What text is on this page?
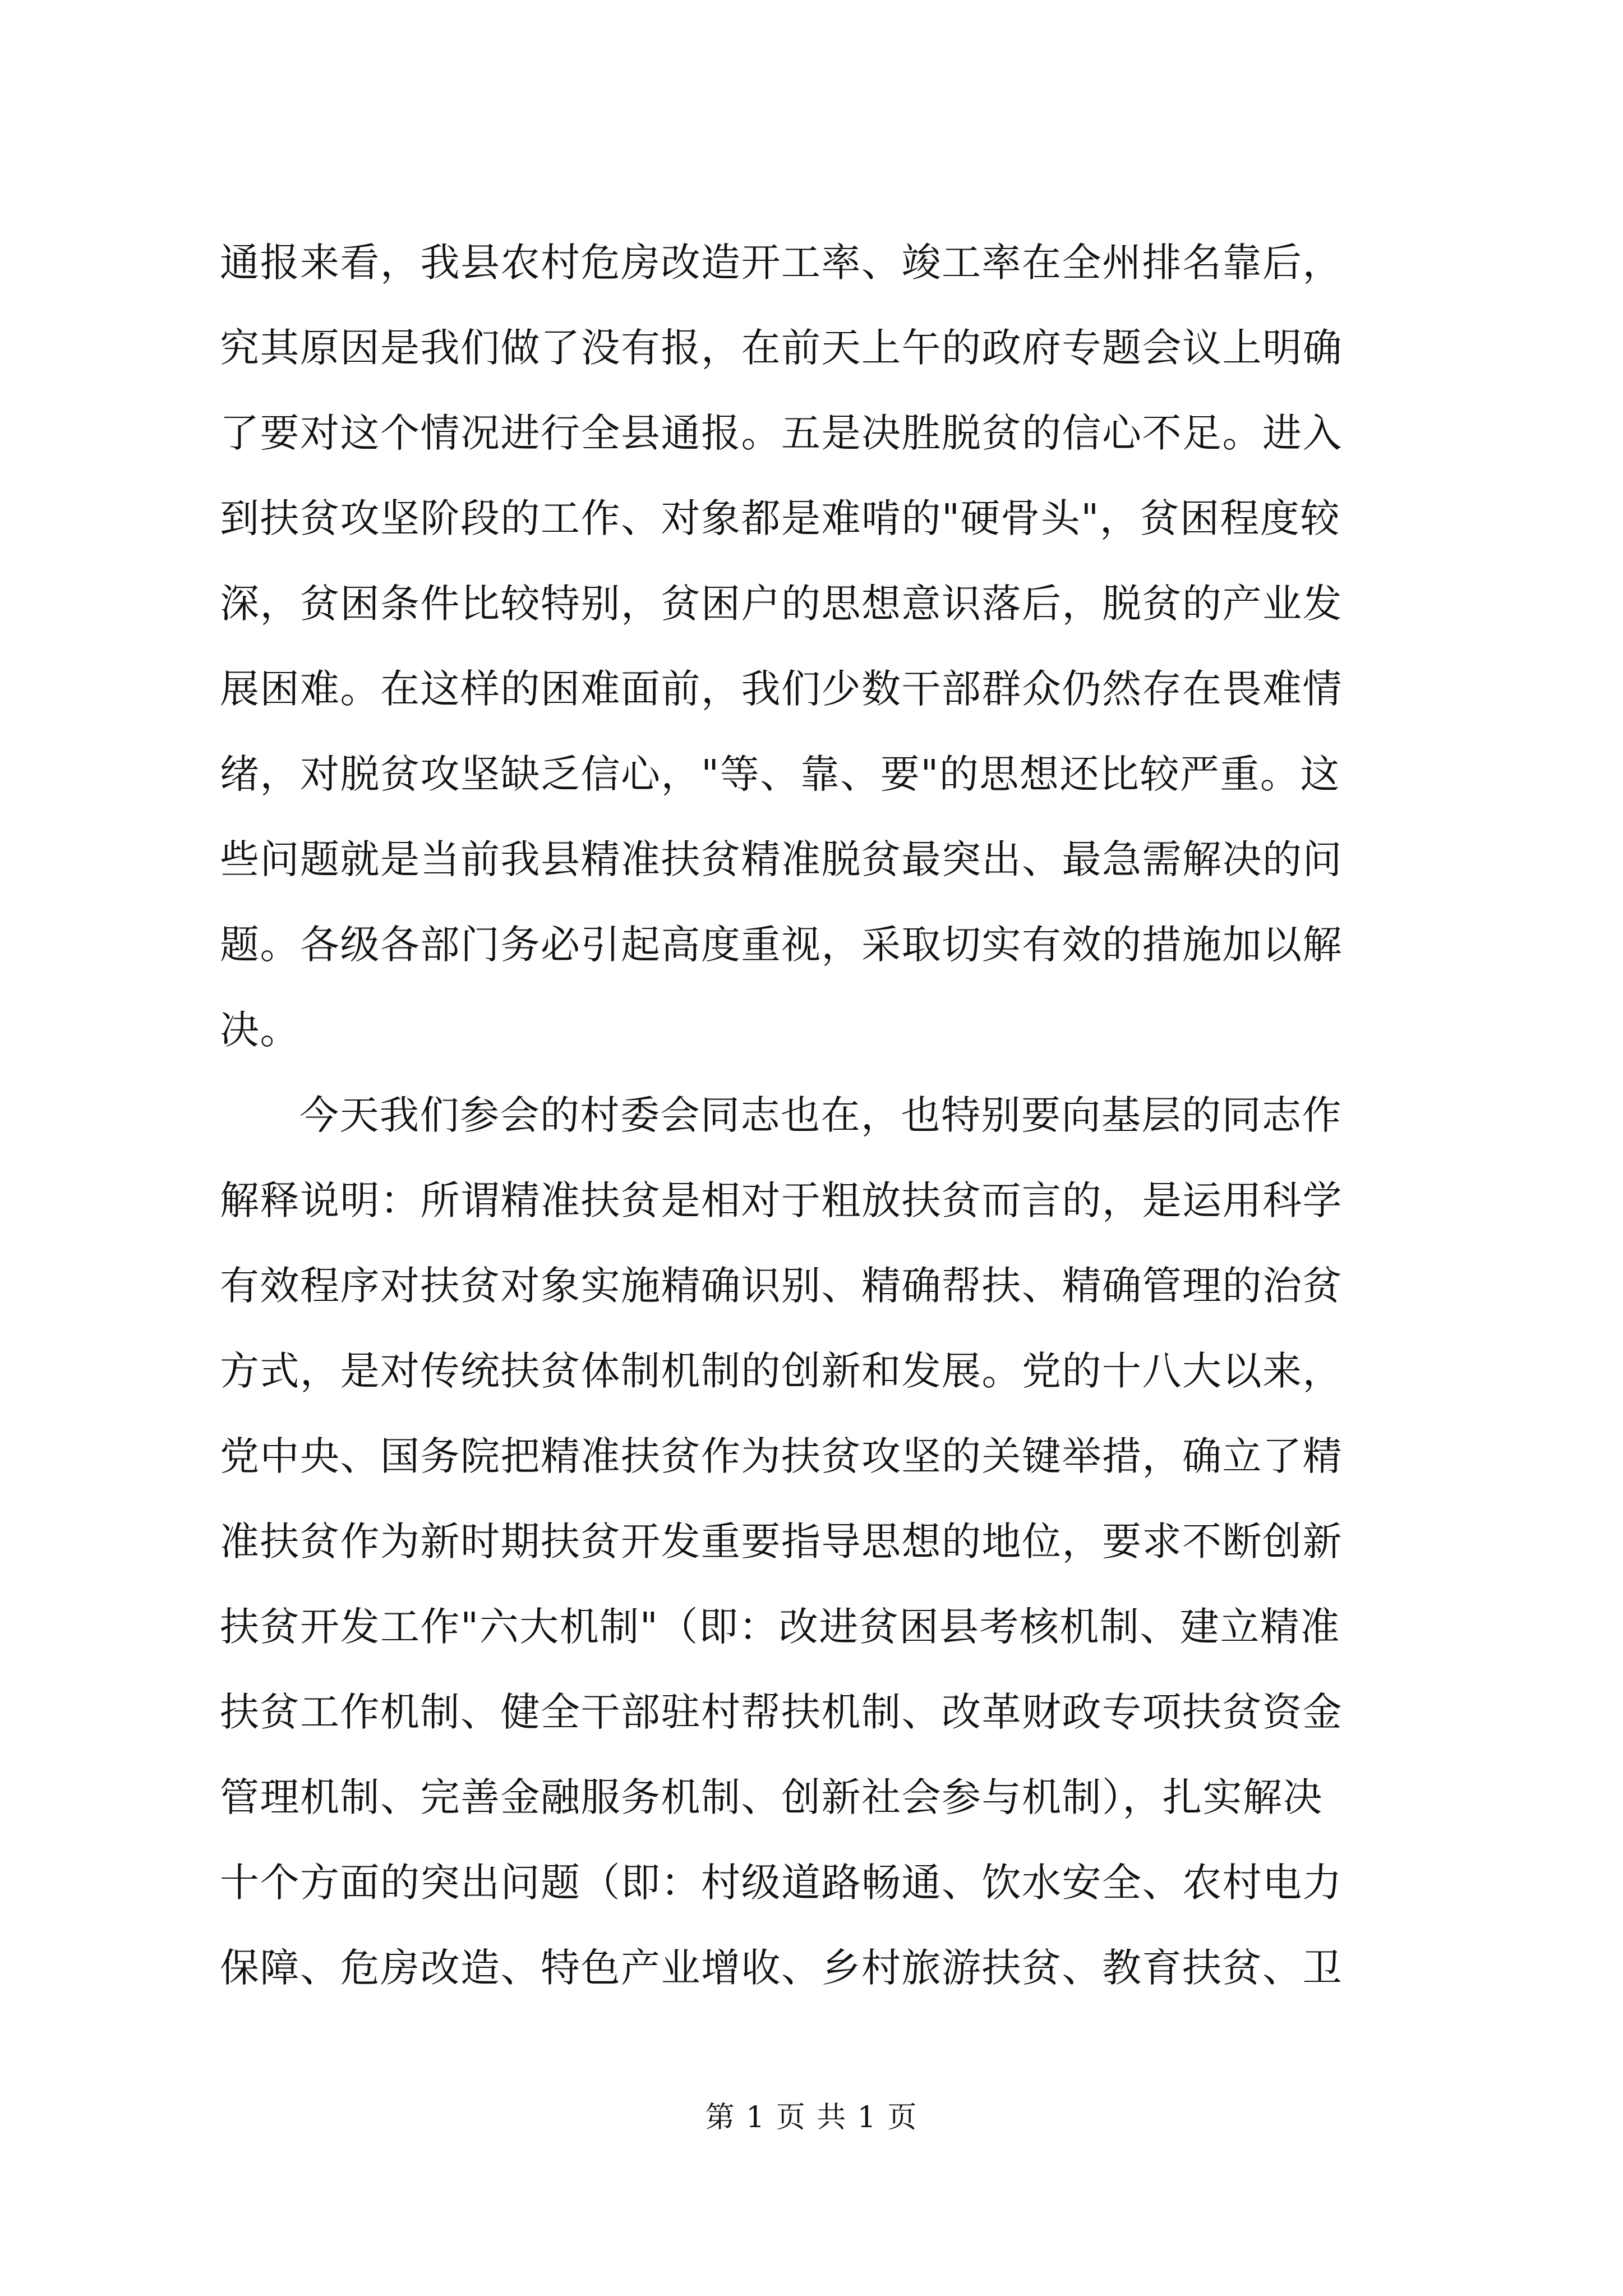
通报来看，我县农村危房改造开工率、竣工率在全州排名靠后，
究其原因是我们做了没有报，在前天上午的政府专题会议上明确
了要对这个情况进行全县通报。五是决胜脱贫的信心不足。进入
到扶贫攻坚阶段的工作、对象都是难啃的"硬骨头"，贫困程度较
深，贫困条件比较特别，贫困户的思想意识落后，脱贫的产业发
展困难。在这样的困难面前，我们少数干部群众仍然存在畏难情
绪，对脱贫攻坚缺乏信心，"等、靠、要"的思想还比较严重。这
些问题就是当前我县精准扶贫精准脱贫最突出、最急需解决的问
题。各级各部门务必引起高度重视，采取切实有效的措施加以解
决。
今天我们参会的村委会同志也在，也特别要向基层的同志作
解释说明：所谓精准扶贫是相对于粗放扶贫而言的，是运用科学
有效程序对扶贫对象实施精确识别、精确帮扶、精确管理的治贫
方式，是对传统扶贫体制机制的创新和发展。党的十八大以来，
党中央、国务院把精准扶贫作为扶贫攻坚的关键举措，确立了精
准扶贫作为新时期扶贫开发重要指导思想的地位，要求不断创新
扶贫开发工作"六大机制"（即：改进贫困县考核机制、建立精准
扶贫工作机制、健全干部驻村帮扶机制、改革财政专项扶贫资金
管理机制、完善金融服务机制、创新社会参与机制），扎实解决
十个方面的突出问题（即：村级道路畅通、饮水安全、农村电力
保障、危房改造、特色产业增收、乡村旅游扶贫、教育扶贫、卫
第 1 页 共 1 页
